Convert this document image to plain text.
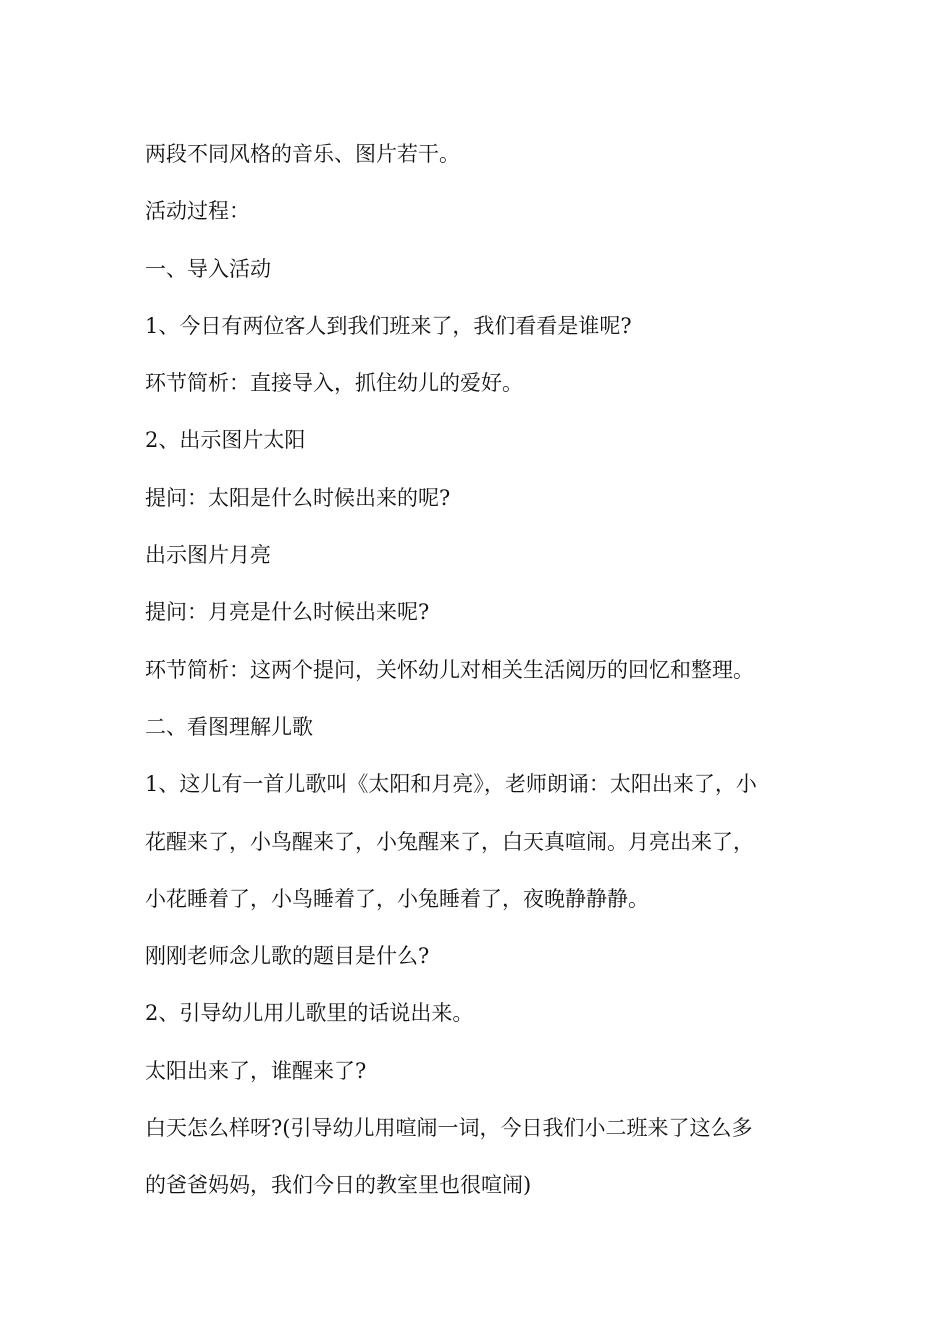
两段不同风格的音乐、图片若干。
活动过程：
一、导入活动
1、今日有两位客人到我们班来了，我们看看是谁呢?
环节简析：直接导入，抓住幼儿的爱好。
2、出示图片太阳
提问：太阳是什么时候出来的呢?
出示图片月亮
提问：月亮是什么时候出来呢?
环节简析：这两个提问，关怀幼儿对相关生活阅历的回忆和整理。
二、看图理解儿歌
1、这儿有一首儿歌叫《太阳和月亮》，老师朗诵：太阳出来了，小
花醒来了，小鸟醒来了，小兔醒来了，白天真喧闹。月亮出来了，
小花睡着了，小鸟睡着了，小兔睡着了，夜晚静静静。
刚刚老师念儿歌的题目是什么?
2、引导幼儿用儿歌里的话说出来。
太阳出来了，谁醒来了?
白天怎么样呀?(引导幼儿用喧闹一词，今日我们小二班来了这么多
的爸爸妈妈，我们今日的教室里也很喧闹)
